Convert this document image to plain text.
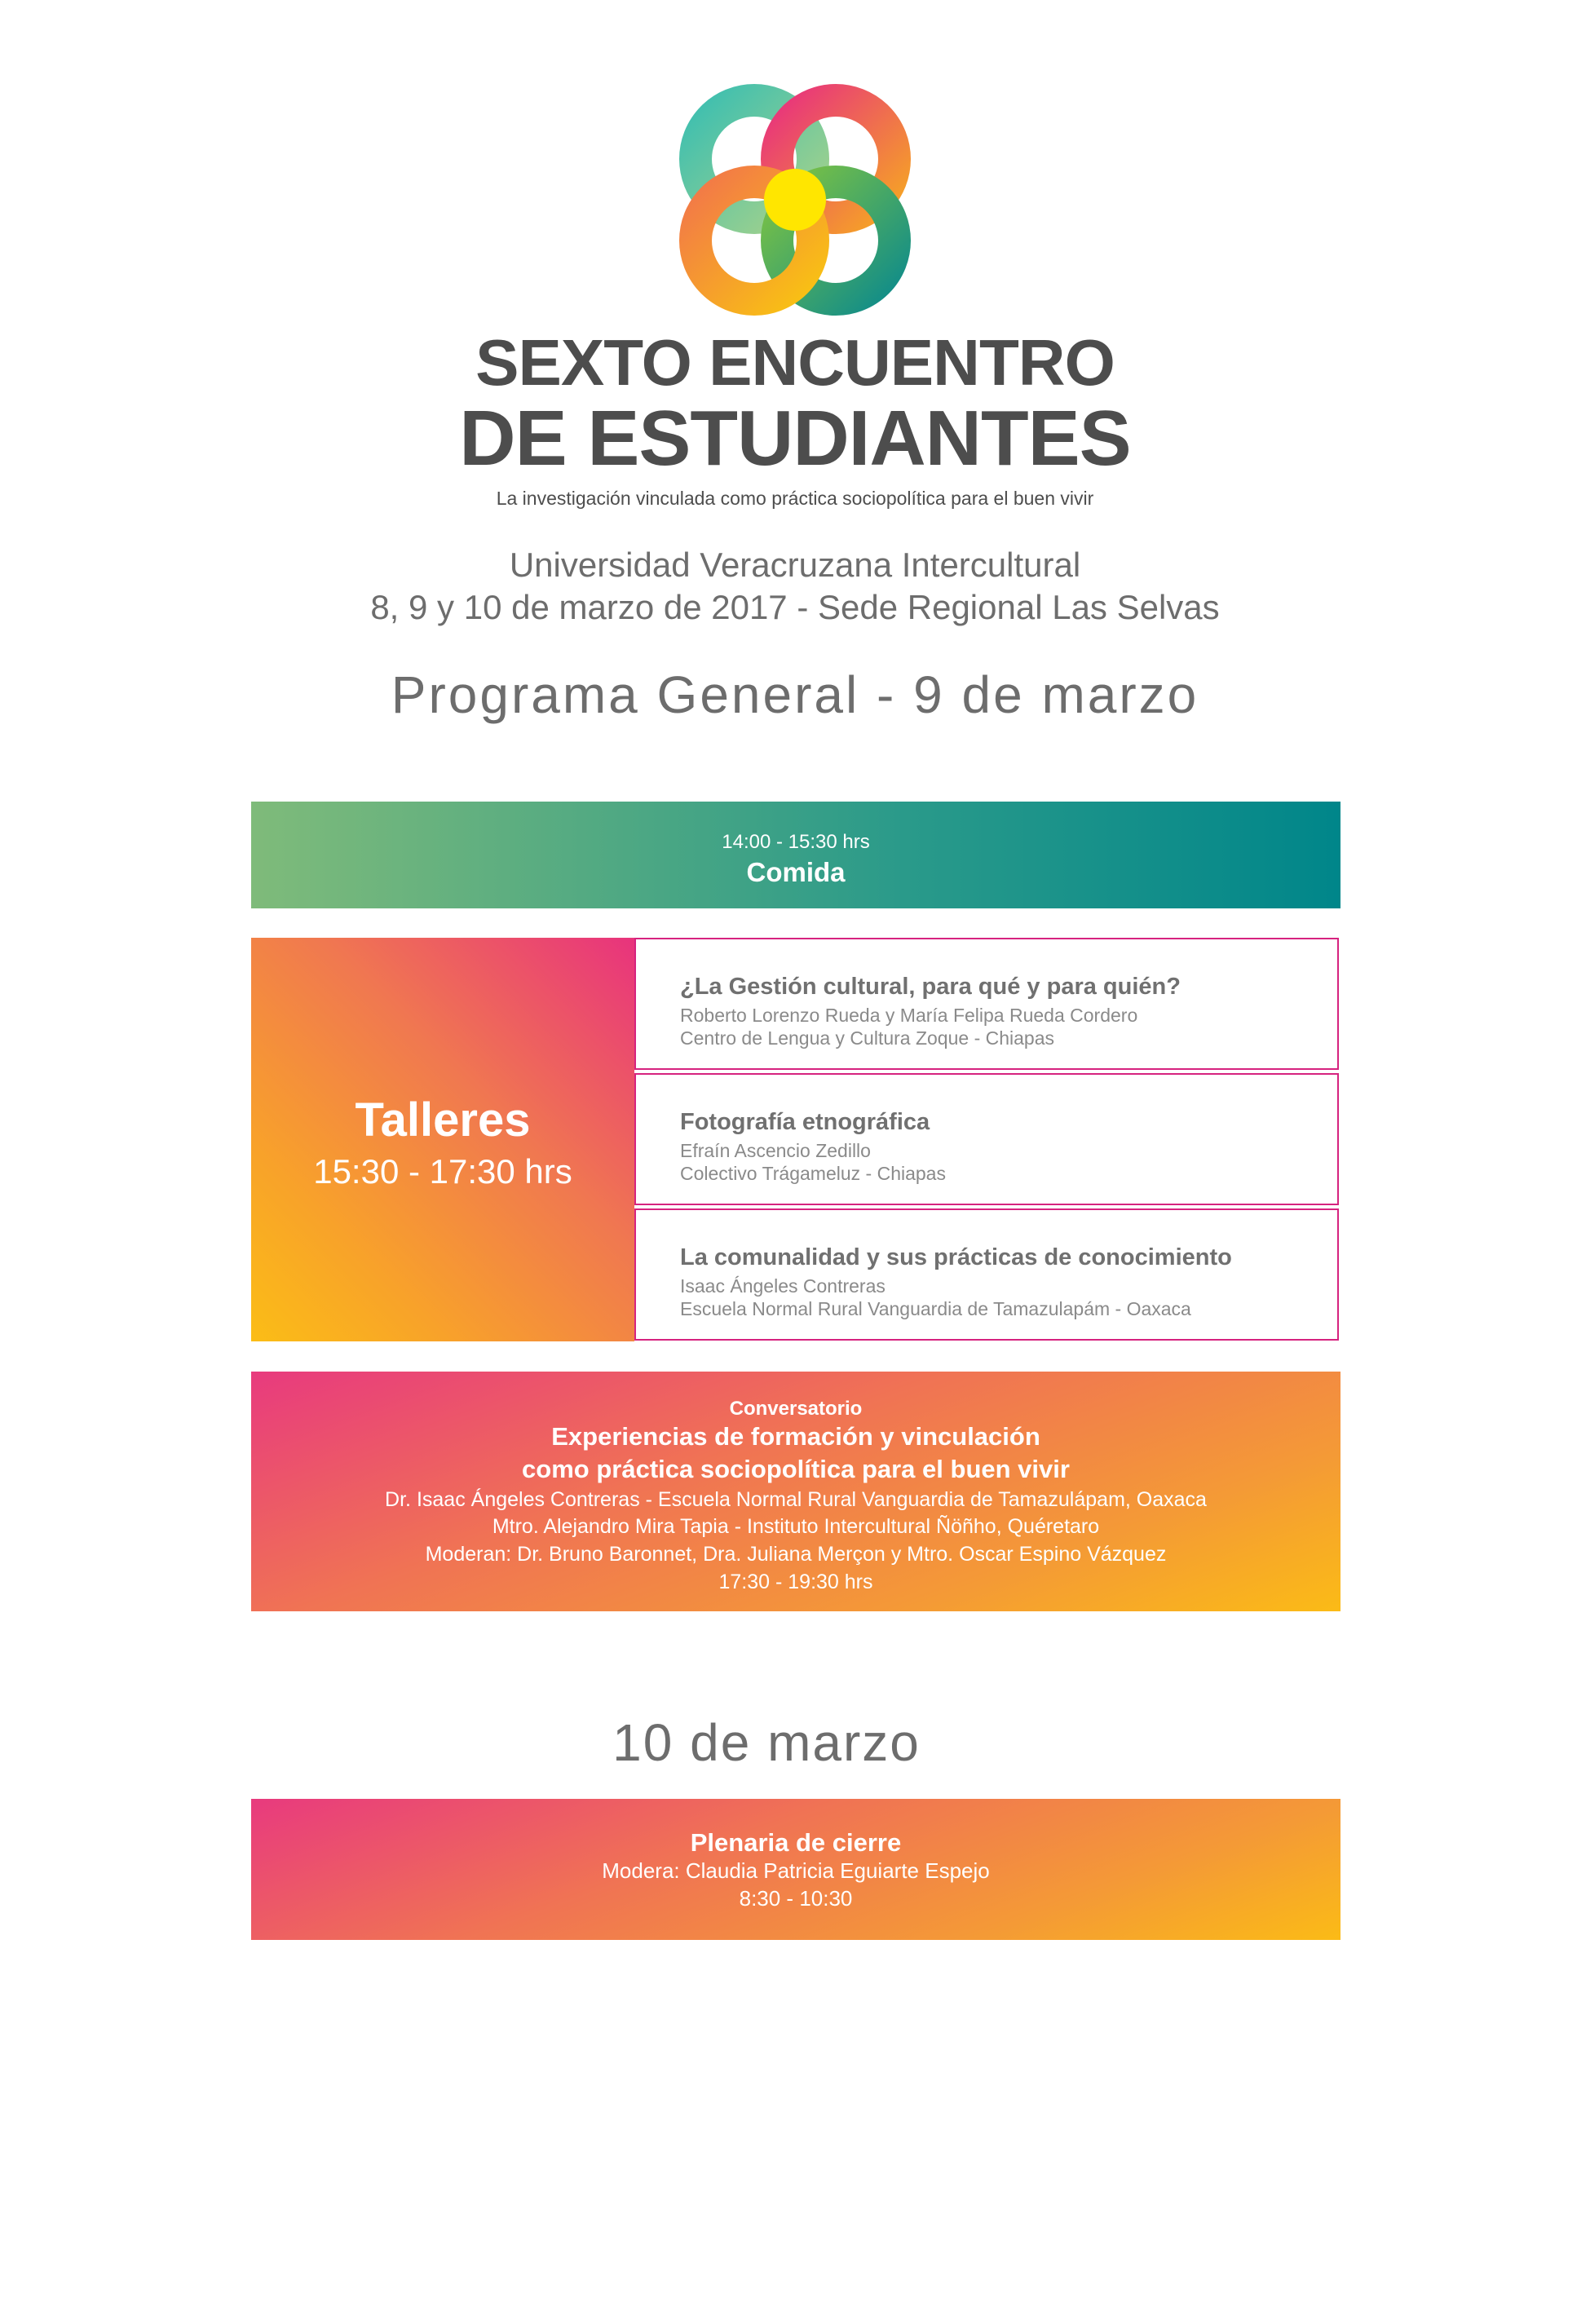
SEXTO ENCUENTRO
DE ESTUDIANTES
La investigación vinculada como práctica sociopolítica para el buen vivir
Universidad Veracruzana Intercultural
8, 9 y 10 de marzo de 2017 - Sede Regional Las Selvas
Programa General - 9 de marzo
14:00 - 15:30 hrs
Comida
Talleres
15:30 - 17:30 hrs
¿La Gestión cultural, para qué y para quién?
Roberto Lorenzo Rueda y María Felipa Rueda Cordero
Centro de Lengua y Cultura Zoque - Chiapas
Fotografía etnográfica
Efraín Ascencio Zedillo
Colectivo Trágameluz - Chiapas
La comunalidad y sus prácticas de conocimiento
Isaac Ángeles Contreras
Escuela Normal Rural Vanguardia de Tamazulapám - Oaxaca
Conversatorio
Experiencias de formación y vinculación
como práctica sociopolítica para el buen vivir
Dr. Isaac Ángeles Contreras - Escuela Normal Rural Vanguardia de Tamazulápam, Oaxaca
Mtro. Alejandro Mira Tapia - Instituto Intercultural Ñöñho, Quéretaro
Moderan: Dr. Bruno Baronnet, Dra. Juliana Merçon y Mtro. Oscar Espino Vázquez
17:30 - 19:30 hrs
10 de marzo
Plenaria de cierre
Modera: Claudia Patricia Eguiarte Espejo
8:30 - 10:30
